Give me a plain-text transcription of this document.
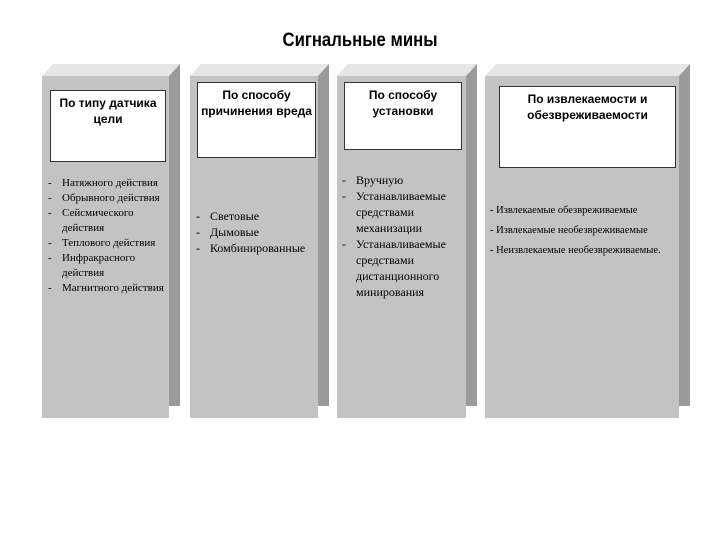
Сигнальные мины
По типу датчика
цели
- Натяжного действия
- Обрывного действия
- Сейсмического действия
- Теплового действия
- Инфракрасного действия
- Магнитного действия
По способу
причинения вреда
- Световые
- Дымовые
- Комбинированные
По способу
установки
- Вручную
- Устанавливаемые средствами механизации
- Устанавливаемые средствами дистанционного минирования
По извлекаемости и
обезвреживаемости
- Извлекаемые обезвреживаемые
- Извлекаемые необезвреживаемые
- Неизвлекаемые необезвреживаемые.
